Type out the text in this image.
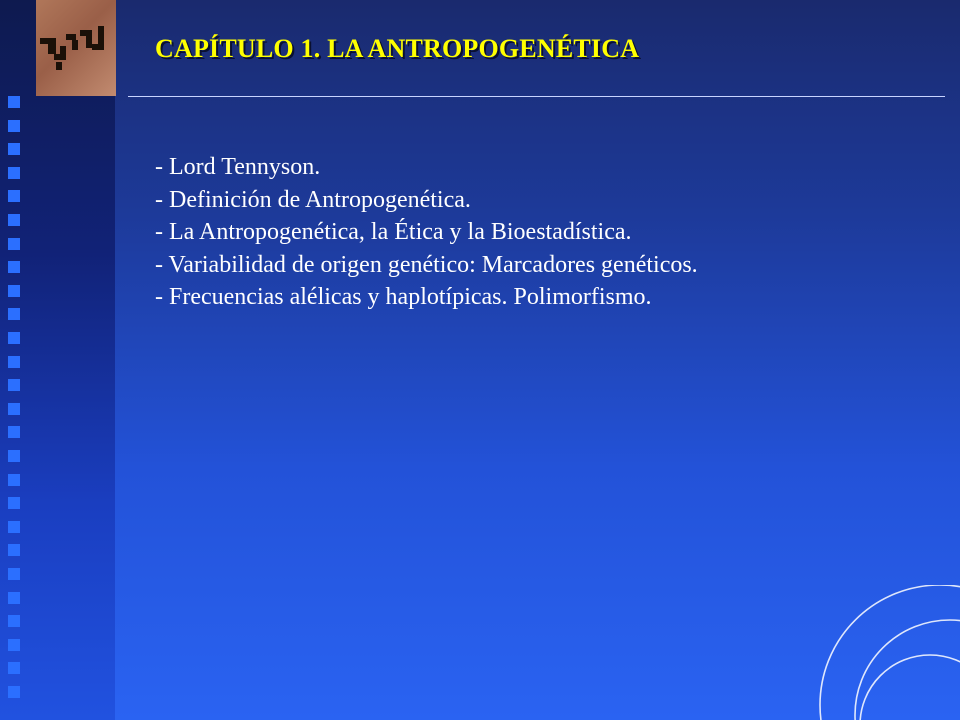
CAPÍTULO 1. LA ANTROPOGENÉTICA
- Lord Tennyson.
- Definición de Antropogenética.
- La Antropogenética, la Ética y la Bioestadística.
- Variabilidad de origen genético: Marcadores genéticos.
- Frecuencias alélicas y haplotípicas. Polimorfismo.
